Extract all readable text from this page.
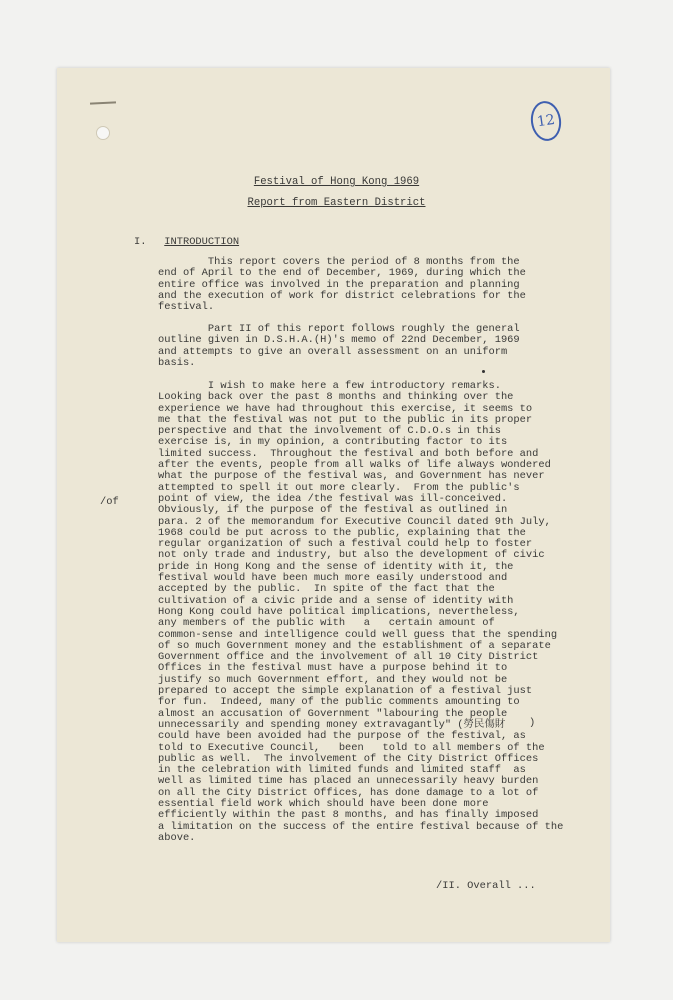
12
Festival of Hong Kong 1969
Report from Eastern District
I. INTRODUCTION
This report covers the period of 8 months from the
end of April to the end of December, 1969, during which the
entire office was involved in the preparation and planning
and the execution of work for district celebrations for the
festival.
Part II of this report follows roughly the general
outline given in D.S.H.A.(H)'s memo of 22nd December, 1969
and attempts to give an overall assessment on an uniform
basis.
I wish to make here a few introductory remarks.
Looking back over the past 8 months and thinking over the
experience we have had throughout this exercise, it seems to
me that the festival was not put to the public in its proper
perspective and that the involvement of C.D.O.s in this
exercise is, in my opinion, a contributing factor to its
limited success.  Throughout the festival and both before and
after the events, people from all walks of life always wondered
what the purpose of the festival was, and Government has never
attempted to spell it out more clearly.  From the public's
point of view, the idea /the festival was ill-conceived.
Obviously, if the purpose of the festival as outlined in
para. 2 of the memorandum for Executive Council dated 9th July,
1968 could be put across to the public, explaining that the
regular organization of such a festival could help to foster
not only trade and industry, but also the development of civic
pride in Hong Kong and the sense of identity with it, the
festival would have been much more easily understood and
accepted by the public.  In spite of the fact that the
cultivation of a civic pride and a sense of identity with
Hong Kong could have political implications, nevertheless,
any members of the public with   a   certain amount of
common-sense and intelligence could well guess that the spending
of so much Government money and the establishment of a separate
Government office and the involvement of all 10 City District
Offices in the festival must have a purpose behind it to
justify so much Government effort, and they would not be
prepared to accept the simple explanation of a festival just
for fun.  Indeed, many of the public comments amounting to
almost an accusation of Government "labouring the people
unnecessarily and spending money extravagantly" (勞民傷財
could have been avoided had the purpose of the festival, as
told to Executive Council,   been   told to all members of the
public as well.  The involvement of the City District Offices
in the celebration with limited funds and limited staff  as
well as limited time has placed an unnecessarily heavy burden
on all the City District Offices, has done damage to a lot of
essential field work which should have been done more
efficiently within the past 8 months, and has finally imposed
a limitation on the success of the entire festival because of the
above.
/of
)
/II. Overall ...
